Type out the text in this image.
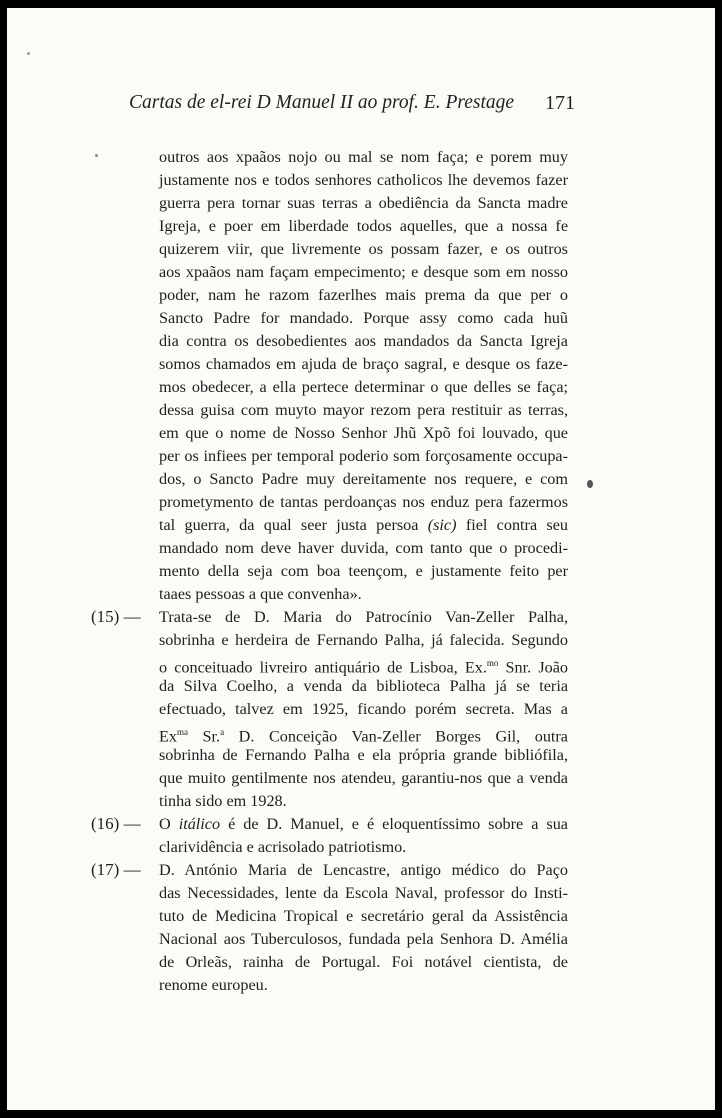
Cartas de el-rei D Manuel II ao prof. E. Prestage 171
outros aos xpaãos nojo ou mal se nom faça; e porem muy
justamente nos e todos senhores catholicos lhe devemos fazer
guerra pera tornar suas terras a obediência da Sancta madre
Igreja, e poer em liberdade todos aquelles, que a nossa fe
quizerem viir, que livremente os possam fazer, e os outros
aos xpaãos nam façam empecimento; e desque som em nosso
poder, nam he razom fazerlhes mais prema da que per o
Sancto Padre for mandado. Porque assy como cada huũ
dia contra os desobedientes aos mandados da Sancta Igreja
somos chamados em ajuda de braço sagral, e desque os faze-
mos obedecer, a ella pertece determinar o que delles se faça;
dessa guisa com muyto mayor rezom pera restituir as terras,
em que o nome de Nosso Senhor Jhũ Xpõ foi louvado, que
per os infiees per temporal poderio som forçosamente occupa-
dos, o Sancto Padre muy dereitamente nos requere, e com
prometymento de tantas perdoanças nos enduz pera fazermos
tal guerra, da qual seer justa persoa (sic) fiel contra seu
mandado nom deve haver duvida, com tanto que o procedi-
mento della seja com boa teençom, e justamente feito per
taaes pessoas a que convenha».
(15) — Trata-se de D. Maria do Patrocínio Van-Zeller Palha,
sobrinha e herdeira de Fernando Palha, já falecida. Segundo
o conceituado livreiro antiquário de Lisboa, Ex.$^{mo}$ Snr. João
da Silva Coelho, a venda da biblioteca Palha já se teria
efectuado, talvez em 1925, ficando porém secreta. Mas a
$Ex^{ma}$ Sr.$^a$ D. Conceição Van-Zeller Borges Gil, outra
sobrinha de Fernando Palha e ela própria grande bibliófila,
que muito gentilmente nos atendeu, garantiu-nos que a venda
tinha sido em 1928.
(16) — O itálico é de D. Manuel, e é eloquentíssimo sobre a sua
clarividência e acrisolado patriotismo.
(17) — D. António Maria de Lencastre, antigo médico do Paço
das Necessidades, lente da Escola Naval, professor do Insti-
tuto de Medicina Tropical e secretário geral da Assistência
Nacional aos Tuberculosos, fundada pela Senhora D. Amélia
de Orleãs, rainha de Portugal. Foi notável cientista, de
renome europeu.
